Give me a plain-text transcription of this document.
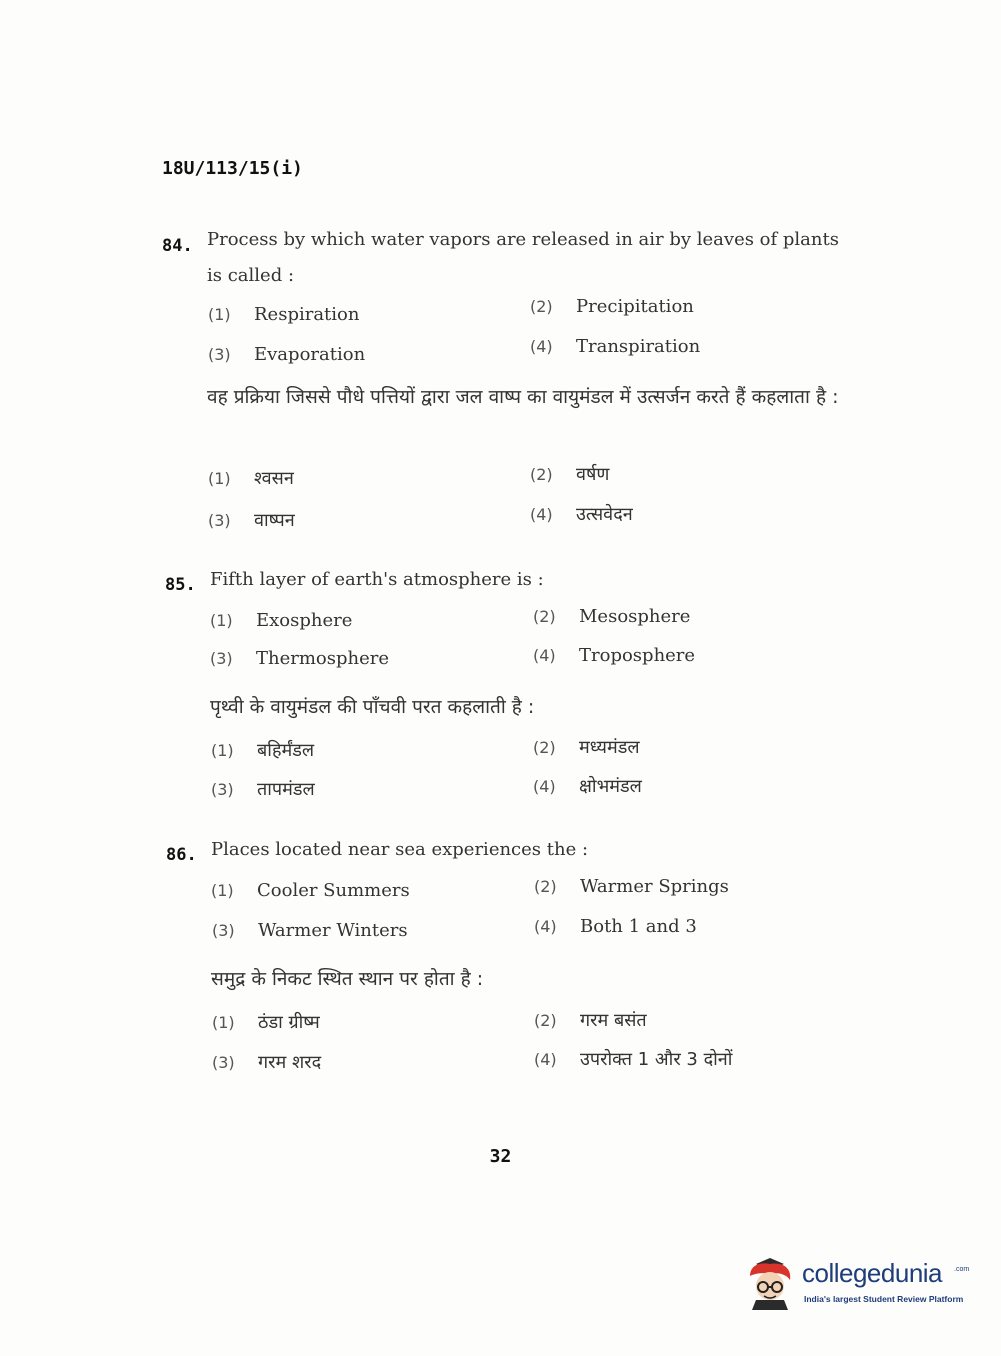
18U/113/15(i)
84. Process by which water vapors are released in air by leaves of plants is called :
(1) Respiration	(2) Precipitation
(3) Evaporation	(4) Transpiration
वह प्रक्रिया जिससे पौधे पत्तियों द्वारा जल वाष्प का वायुमंडल में उत्सर्जन करते हैं कहलाता है :
(1) श्वसन	(2) वर्षण
(3) वाष्पन	(4) उत्सवेदन
85. Fifth layer of earth's atmosphere is :
(1) Exosphere	(2) Mesosphere
(3) Thermosphere	(4) Troposphere
पृथ्वी के वायुमंडल की पाँचवी परत कहलाती है :
(1) बहिर्मंडल	(2) मध्यमंडल
(3) तापमंडल	(4) क्षोभमंडल
86. Places located near sea experiences the :
(1) Cooler Summers	(2) Warmer Springs
(3) Warmer Winters	(4) Both 1 and 3
समुद्र के निकट स्थित स्थान पर होता है :
(1) ठंडा ग्रीष्म	(2) गरम बसंत
(3) गरम शरद	(4) उपरोक्त 1 और 3 दोनों
32
collegedunia .com
India's largest Student Review Platform
